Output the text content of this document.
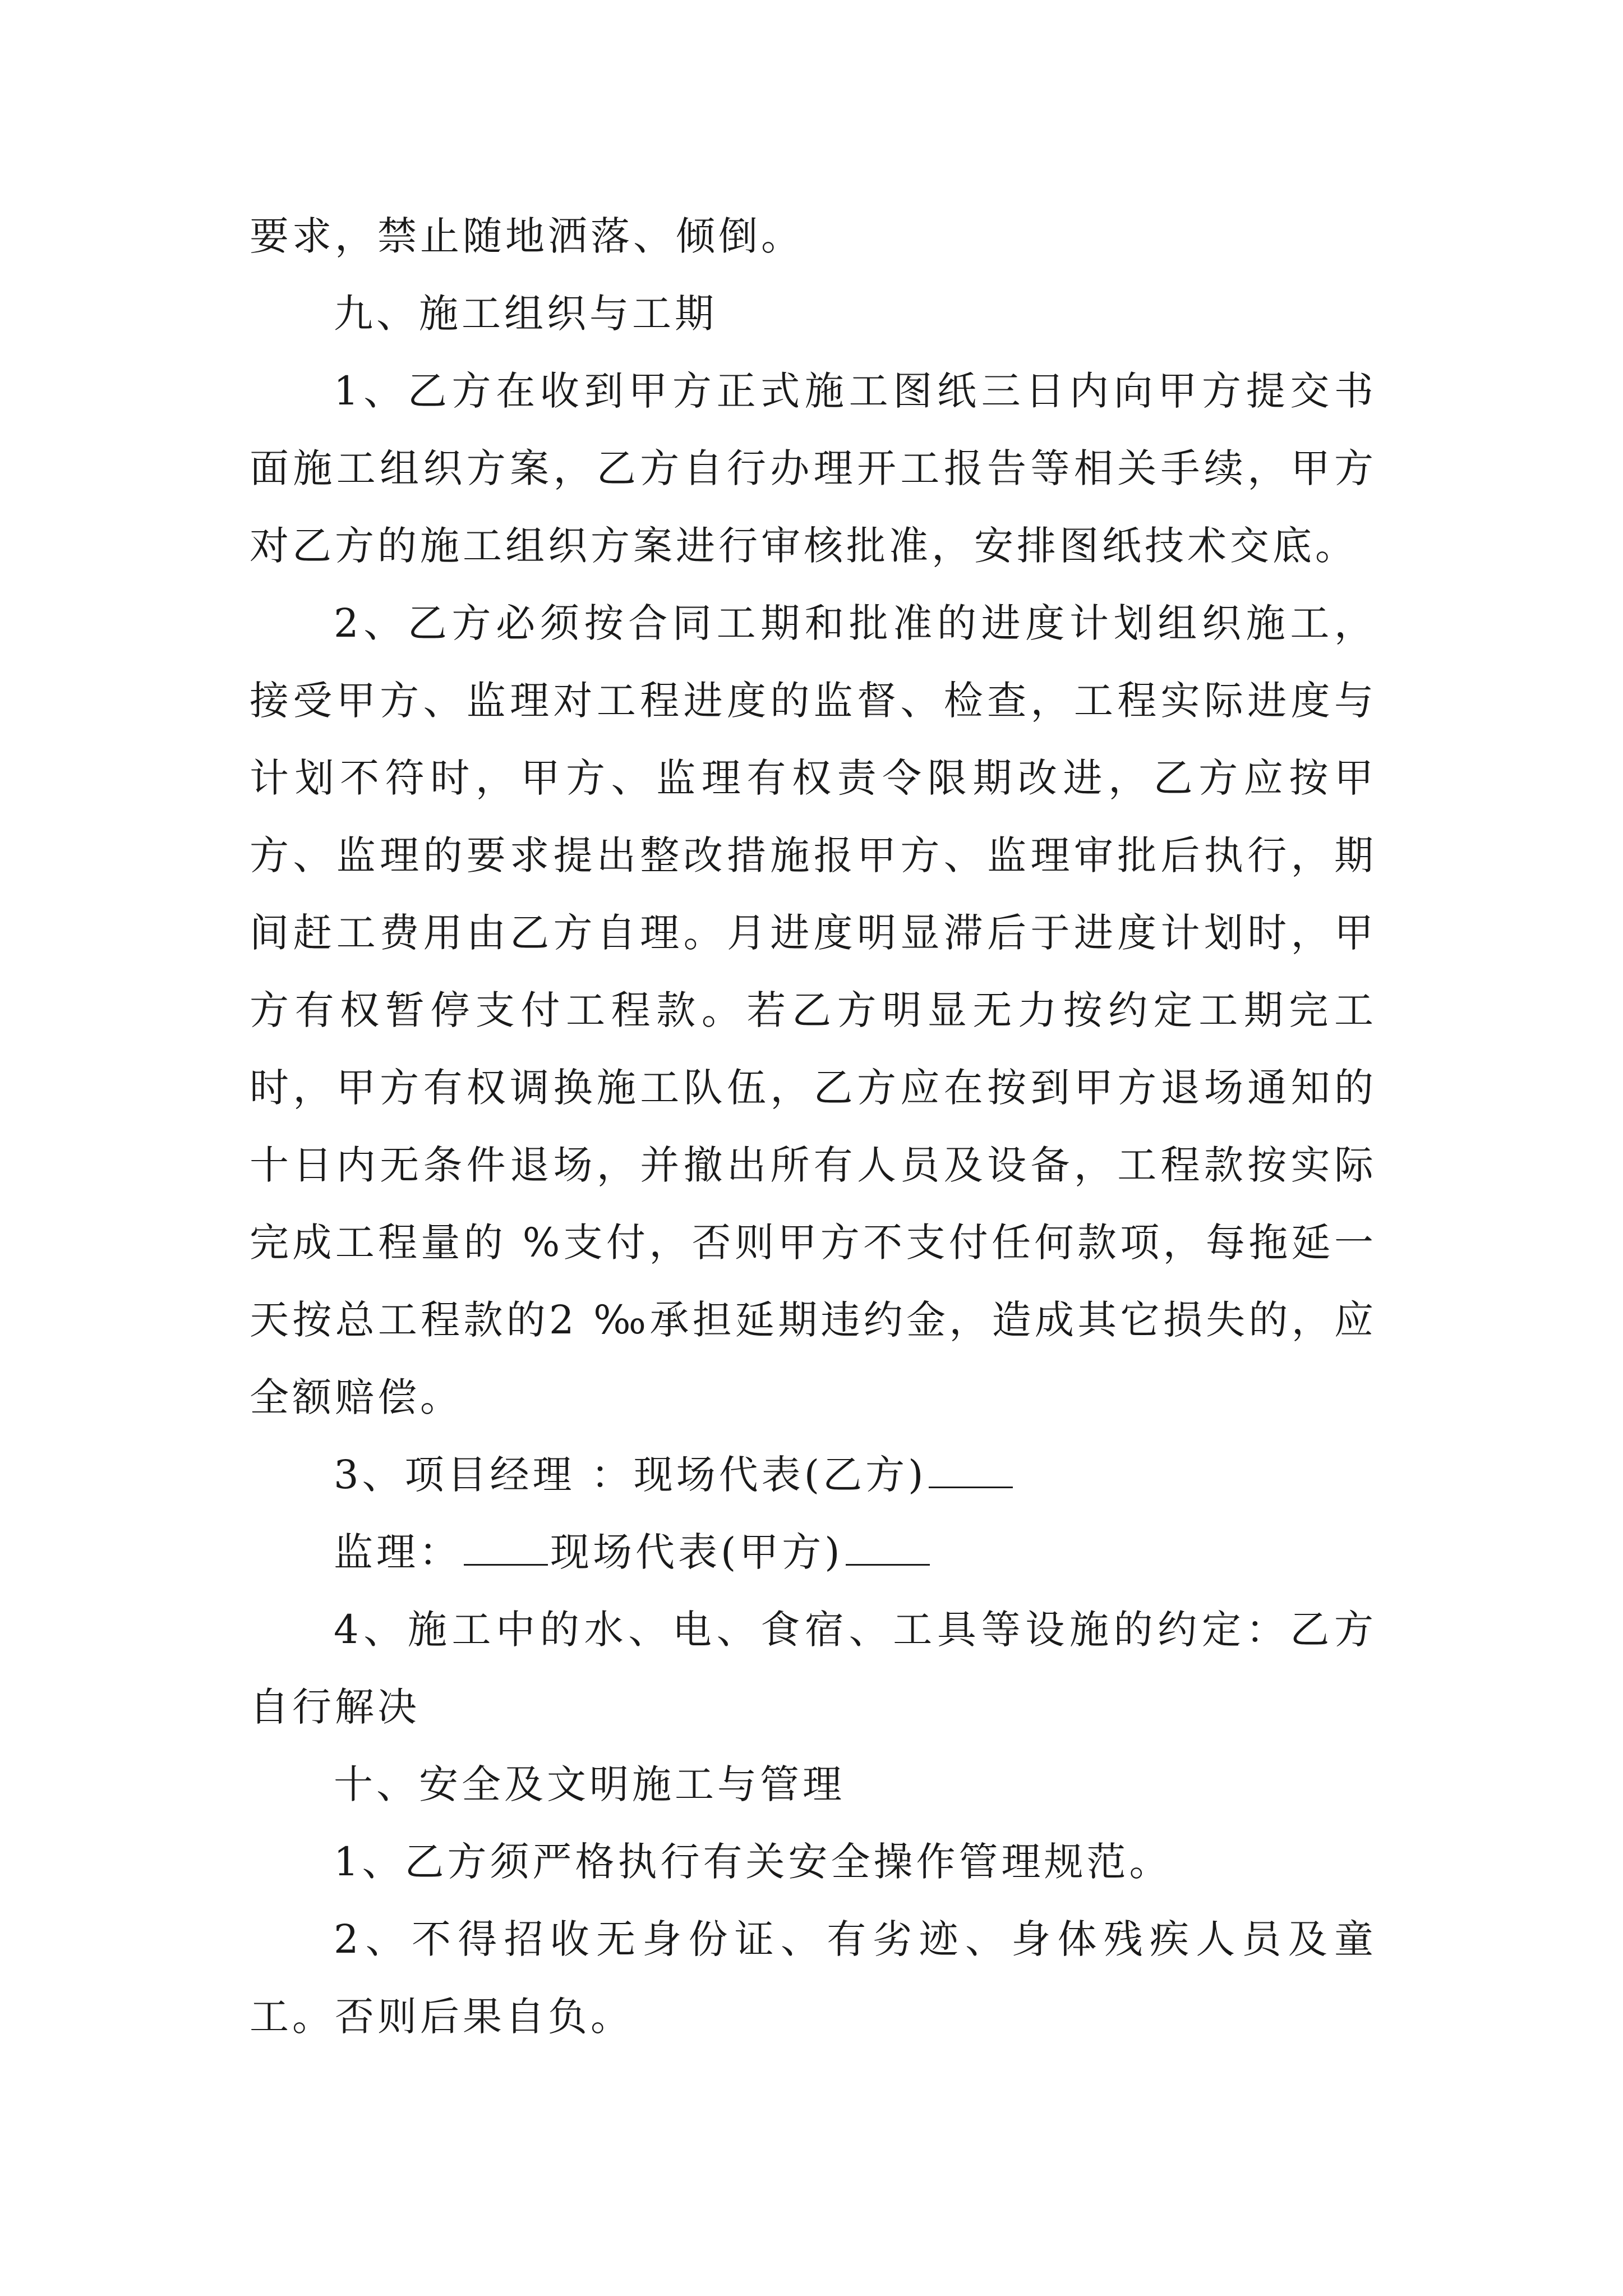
要求，禁止随地洒落、倾倒。

九、施工组织与工期

1、乙方在收到甲方正式施工图纸三日内向甲方提交书面施工组织方案，乙方自行办理开工报告等相关手续，甲方对乙方的施工组织方案进行审核批准，安排图纸技术交底。

2、乙方必须按合同工期和批准的进度计划组织施工，接受甲方、监理对工程进度的监督、检查，工程实际进度与计划不符时，甲方、监理有权责令限期改进，乙方应按甲方、监理的要求提出整改措施报甲方、监理审批后执行，期间赶工费用由乙方自理。月进度明显滞后于进度计划时，甲方有权暂停支付工程款。若乙方明显无力按约定工期完工时，甲方有权调换施工队伍，乙方应在按到甲方退场通知的十日内无条件退场，并撤出所有人员及设备，工程款按实际完成工程量的 %支付，否则甲方不支付任何款项，每拖延一天按总工程款的2 ‰承担延期违约金，造成其它损失的，应全额赔偿。

3、项目经理 ：现场代表(乙方)

监理： 现场代表(甲方)

4、施工中的水、电、食宿、工具等设施的约定：乙方自行解决

十、安全及文明施工与管理

1、乙方须严格执行有关安全操作管理规范。

2、不得招收无身份证、有劣迹、身体残疾人员及童工。否则后果自负。
